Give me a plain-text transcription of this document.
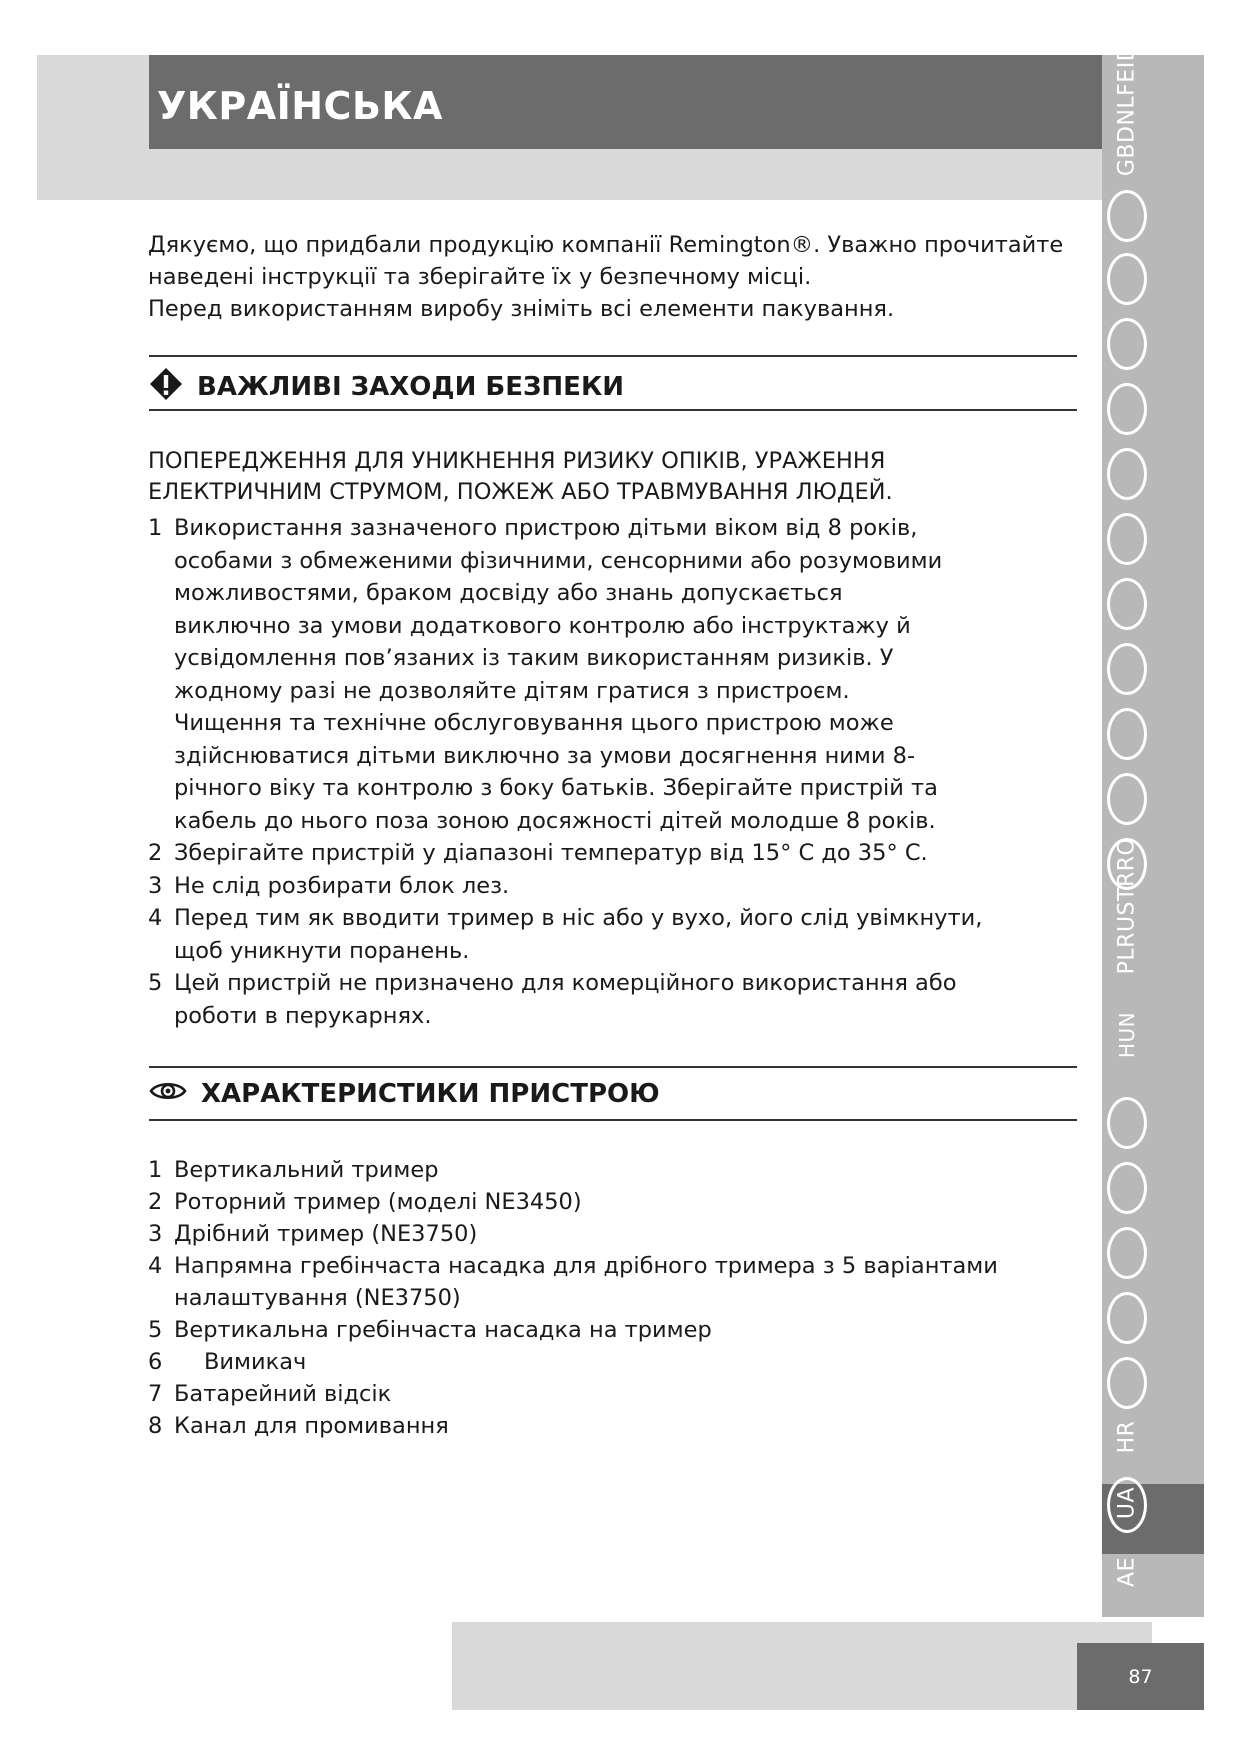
УКРАЇНСЬКА	GBDNLFEID
PLRUSTRRO
HUN
HR
UA
AE
Дякуємо, що придбали продукцію компанії Remington®. Уважно прочитайте наведені інструкції та зберігайте їх у безпечному місці.
Перед використанням виробу зніміть всі елементи пакування.
ВАЖЛИВІ ЗАХОДИ БЕЗПЕКИ
ПОПЕРЕДЖЕННЯ ДЛЯ УНИКНЕННЯ РИЗИКУ ОПІКІВ, УРАЖЕННЯ
ЕЛЕКТРИЧНИМ СТРУМОМ, ПОЖЕЖ АБО ТРАВМУВАННЯ ЛЮДЕЙ.
1 Використання зазначеного пристрою дітьми віком від 8 років, особами з обмеженими фізичними, сенсорними або розумовими можливостями, браком досвіду або знань допускається виключно за умови додаткового контролю або інструктажу й усвідомлення пов’язаних із таким використанням ризиків. У жодному разі не дозволяйте дітям гратися з пристроєм. Чищення та технічне обслуговування цього пристрою може здійснюватися дітьми виключно за умови досягнення ними 8-річного віку та контролю з боку батьків. Зберігайте пристрій та кабель до нього поза зоною досяжності дітей молодше 8 років.
2 Зберігайте пристрій у діапазоні температур від 15° C до 35° C.
3 Не слід розбирати блок лез.
4 Перед тим як вводити тример в ніс або у вухо, його слід увімкнути, щоб уникнути поранень.
5 Цей пристрій не призначено для комерційного використання або роботи в перукарнях.
ХАРАКТЕРИСТИКИ ПРИСТРОЮ
1 Вертикальний тример
2 Роторний тример (моделі NE3450)
3 Дрібний тример (NE3750)
4 Напрямна гребінчаста насадка для дрібного тримера з 5 варіантами налаштування (NE3750)
5 Вертикальна гребінчаста насадка на тример
6	Вимикач
7 Батарейний відсік
8 Канал для промивання
87
